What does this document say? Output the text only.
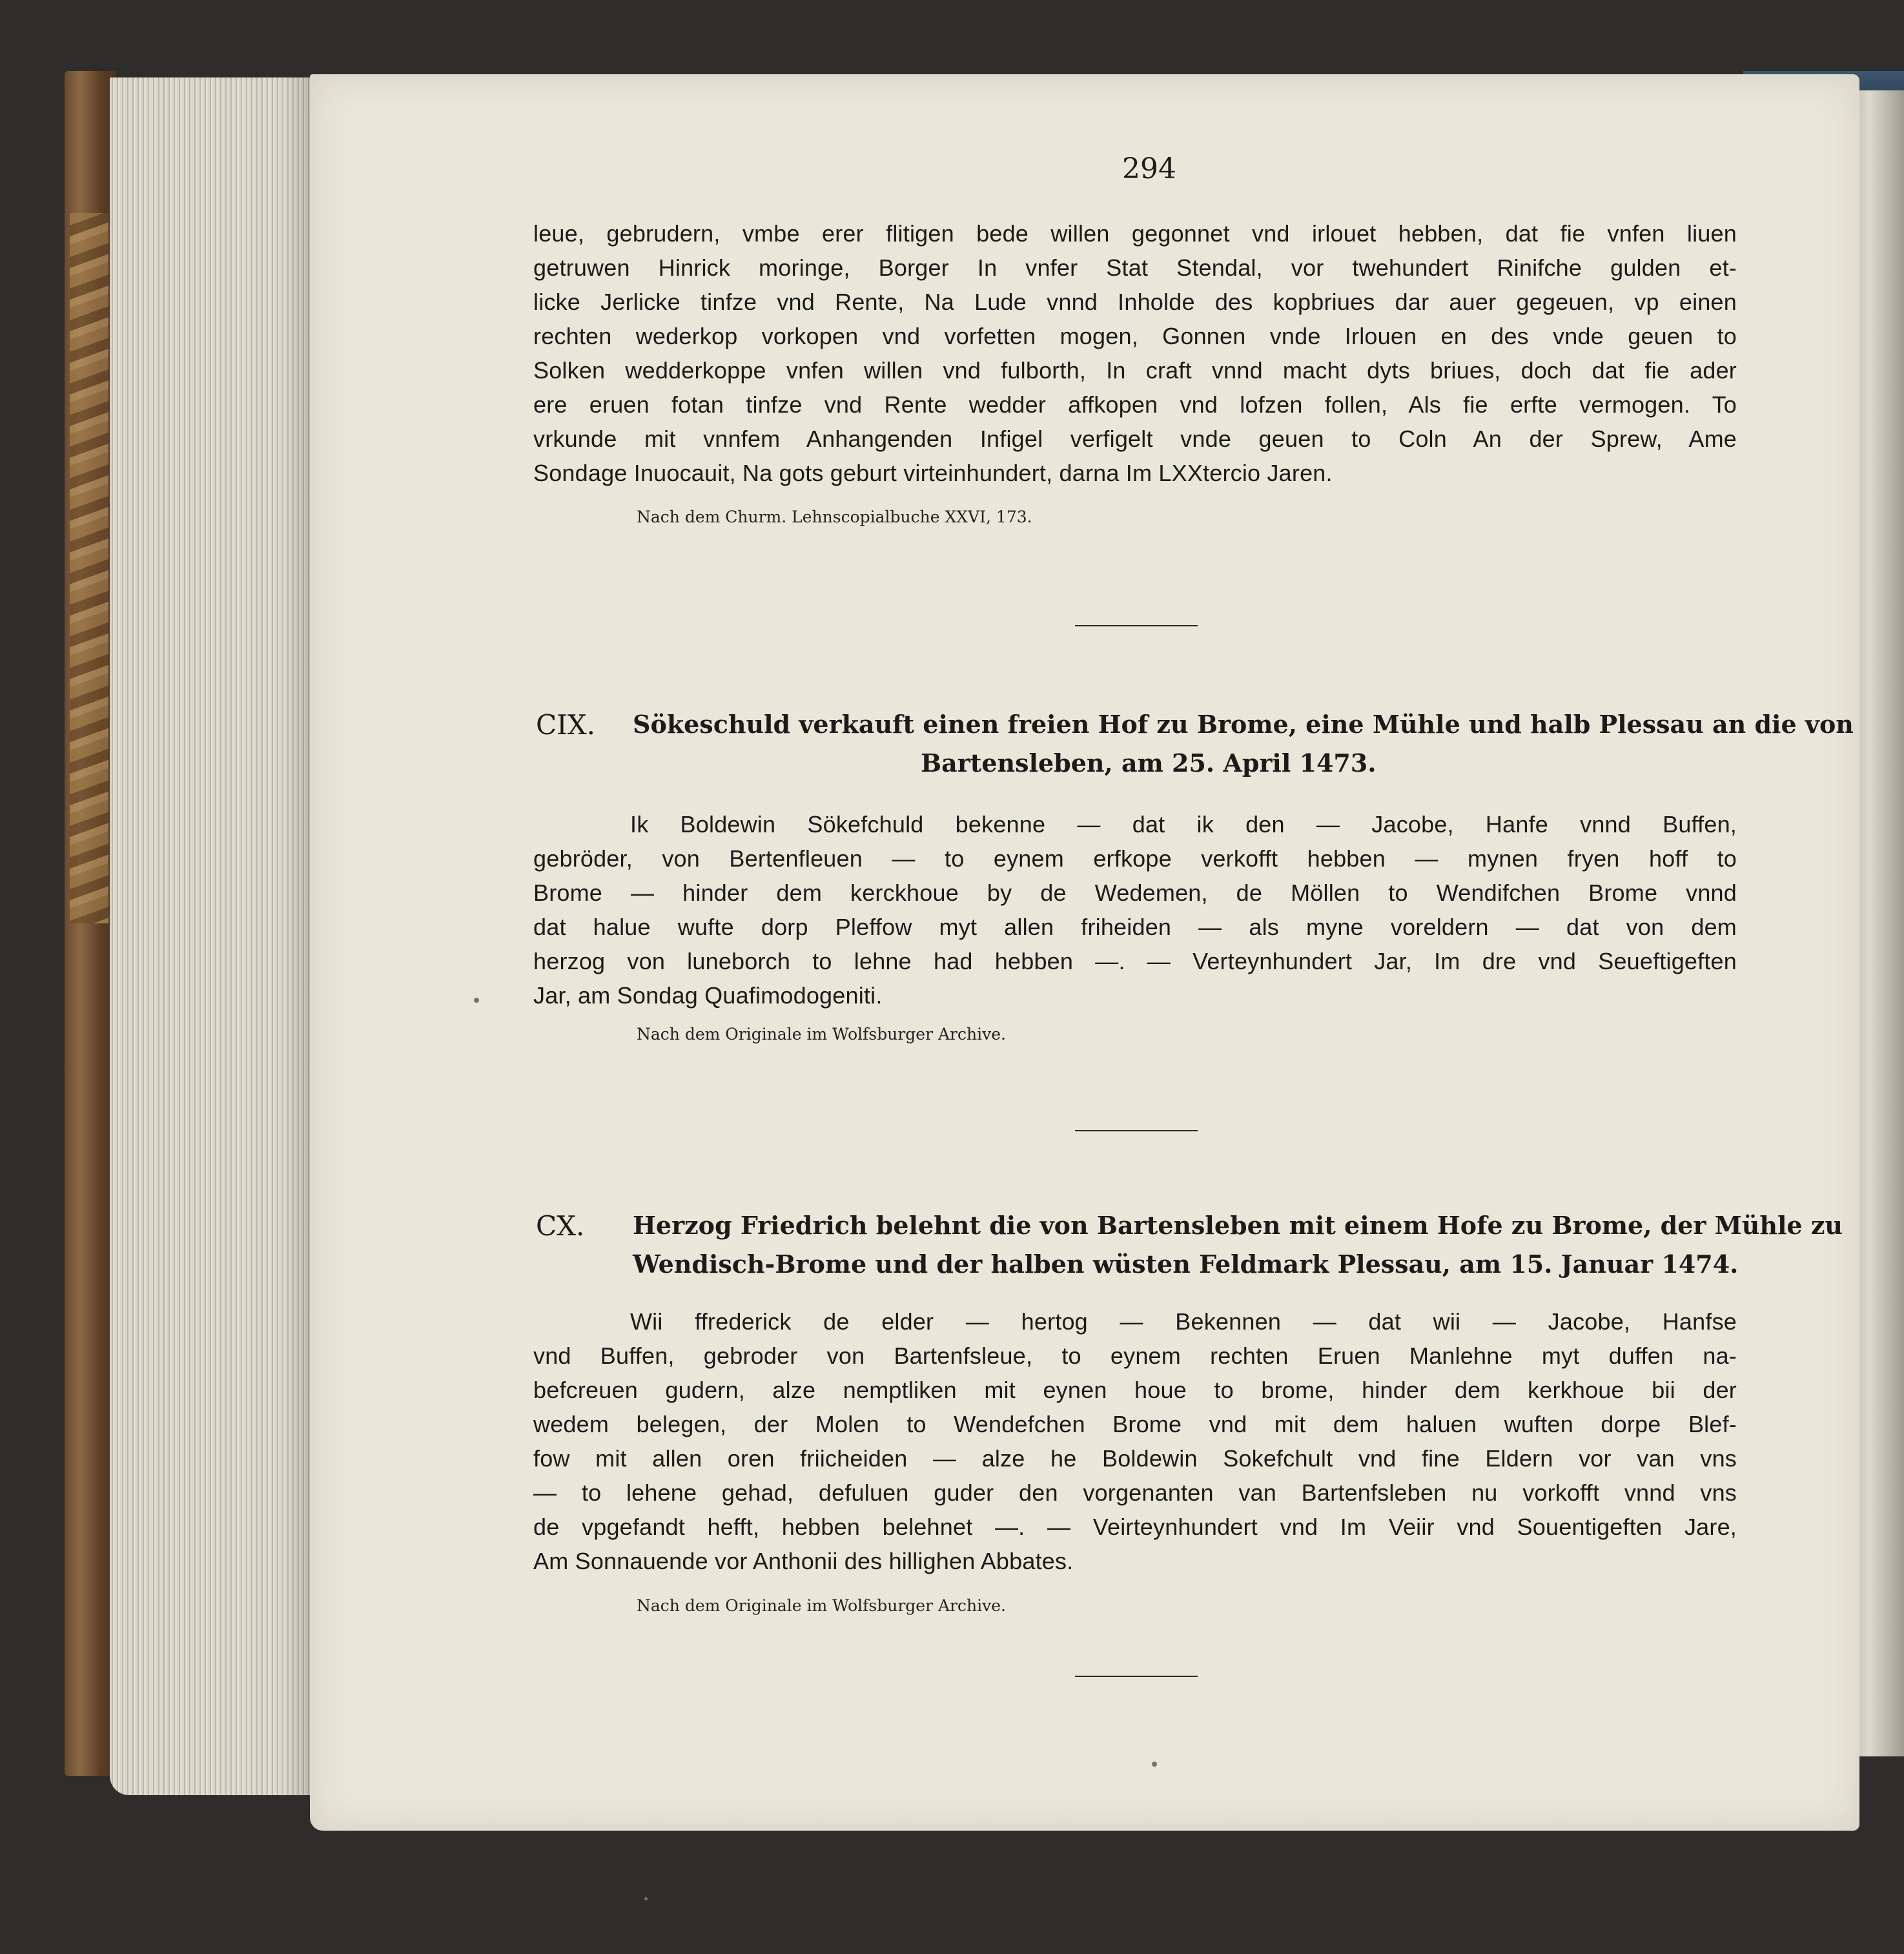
294
leue, gebrudern, vmbe erer flitigen bede willen gegonnet vnd irlouet hebben, dat fie vnfen liuen
getruwen Hinrick moringe, Borger In vnfer Stat Stendal, vor twehundert Rinifche gulden et-
licke Jerlicke tinfze vnd Rente, Na Lude vnnd Inholde des kopbriues dar auer gegeuen, vp einen
rechten wederkop vorkopen vnd vorfetten mogen, Gonnen vnde Irlouen en des vnde geuen to
Solken wedderkoppe vnfen willen vnd fulborth, In craft vnnd macht dyts briues, doch dat fie ader
ere eruen fotan tinfze vnd Rente wedder affkopen vnd lofzen follen, Als fie erfte vermogen. To
vrkunde mit vnnfem Anhangenden Infigel verfigelt vnde geuen to Coln An der Sprew, Ame
Sondage Inuocauit, Na gots geburt virteinhundert, darna Im LXXtercio Jaren.
Nach dem Churm. Lehnscopialbuche XXVI, 173.
CIX. Sökeschuld verkauft einen freien Hof zu Brome, eine Mühle und halb Plessau an die von
Bartensleben, am 25. April 1473.
Ik Boldewin Sökefchuld bekenne — dat ik den — Jacobe, Hanfe vnnd Buffen,
gebröder, von Bertenfleuen — to eynem erfkope verkofft hebben — mynen fryen hoff to
Brome — hinder dem kerckhoue by de Wedemen, de Möllen to Wendifchen Brome vnnd
dat halue wufte dorp Pleffow myt allen friheiden — als myne voreldern — dat von dem
herzog von luneborch to lehne had hebben —. — Verteynhundert Jar, Im dre vnd Seueftigeften
Jar, am Sondag Quafimodogeniti.
Nach dem Originale im Wolfsburger Archive.
CX. Herzog Friedrich belehnt die von Bartensleben mit einem Hofe zu Brome, der Mühle zu
Wendisch-Brome und der halben wüsten Feldmark Plessau, am 15. Januar 1474.
Wii ffrederick de elder — hertog — Bekennen — dat wii — Jacobe, Hanfse
vnd Buffen, gebroder von Bartenfsleue, to eynem rechten Eruen Manlehne myt duffen na-
befcreuen gudern, alze nemptliken mit eynen houe to brome, hinder dem kerkhoue bii der
wedem belegen, der Molen to Wendefchen Brome vnd mit dem haluen wuften dorpe Blef-
fow mit allen oren friicheiden — alze he Boldewin Sokefchult vnd fine Eldern vor van vns
— to lehene gehad, defuluen guder den vorgenanten van Bartenfsleben nu vorkofft vnnd vns
de vpgefandt hefft, hebben belehnet —. — Veirteynhundert vnd Im Veiir vnd Souentigeften Jare,
Am Sonnauende vor Anthonii des hillighen Abbates.
Nach dem Originale im Wolfsburger Archive.
